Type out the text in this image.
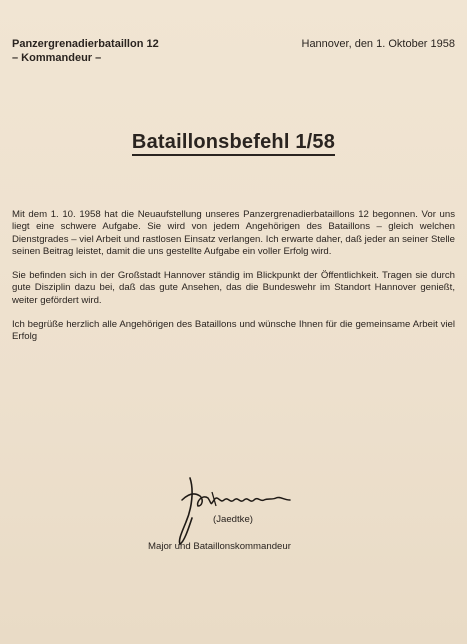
Panzergrenadierbataillon 12
– Kommandeur –
Hannover, den 1. Oktober 1958
Bataillonsbefehl 1/58

Mit dem 1. 10. 1958 hat die Neuaufstellung unseres Panzergrenadierbataillons 12 begonnen. Vor uns liegt eine schwere Aufgabe. Sie wird von jedem Angehörigen des Bataillons – gleich welchen Dienstgrades – viel Arbeit und rastlosen Einsatz verlangen. Ich erwarte daher, daß jeder an seiner Stelle seinen Beitrag leistet, damit die uns gestellte Aufgabe ein voller Erfolg wird.

Sie befinden sich in der Großstadt Hannover ständig im Blickpunkt der Öffentlichkeit. Tragen sie durch gute Disziplin dazu bei, daß das gute Ansehen, das die Bundeswehr im Standort Hannover genießt, weiter gefördert wird.

Ich begrüße herzlich alle Angehörigen des Bataillons und wünsche Ihnen für die gemeinsame Arbeit viel Erfolg

(Jaedtke)
Major und Bataillonskommandeur
